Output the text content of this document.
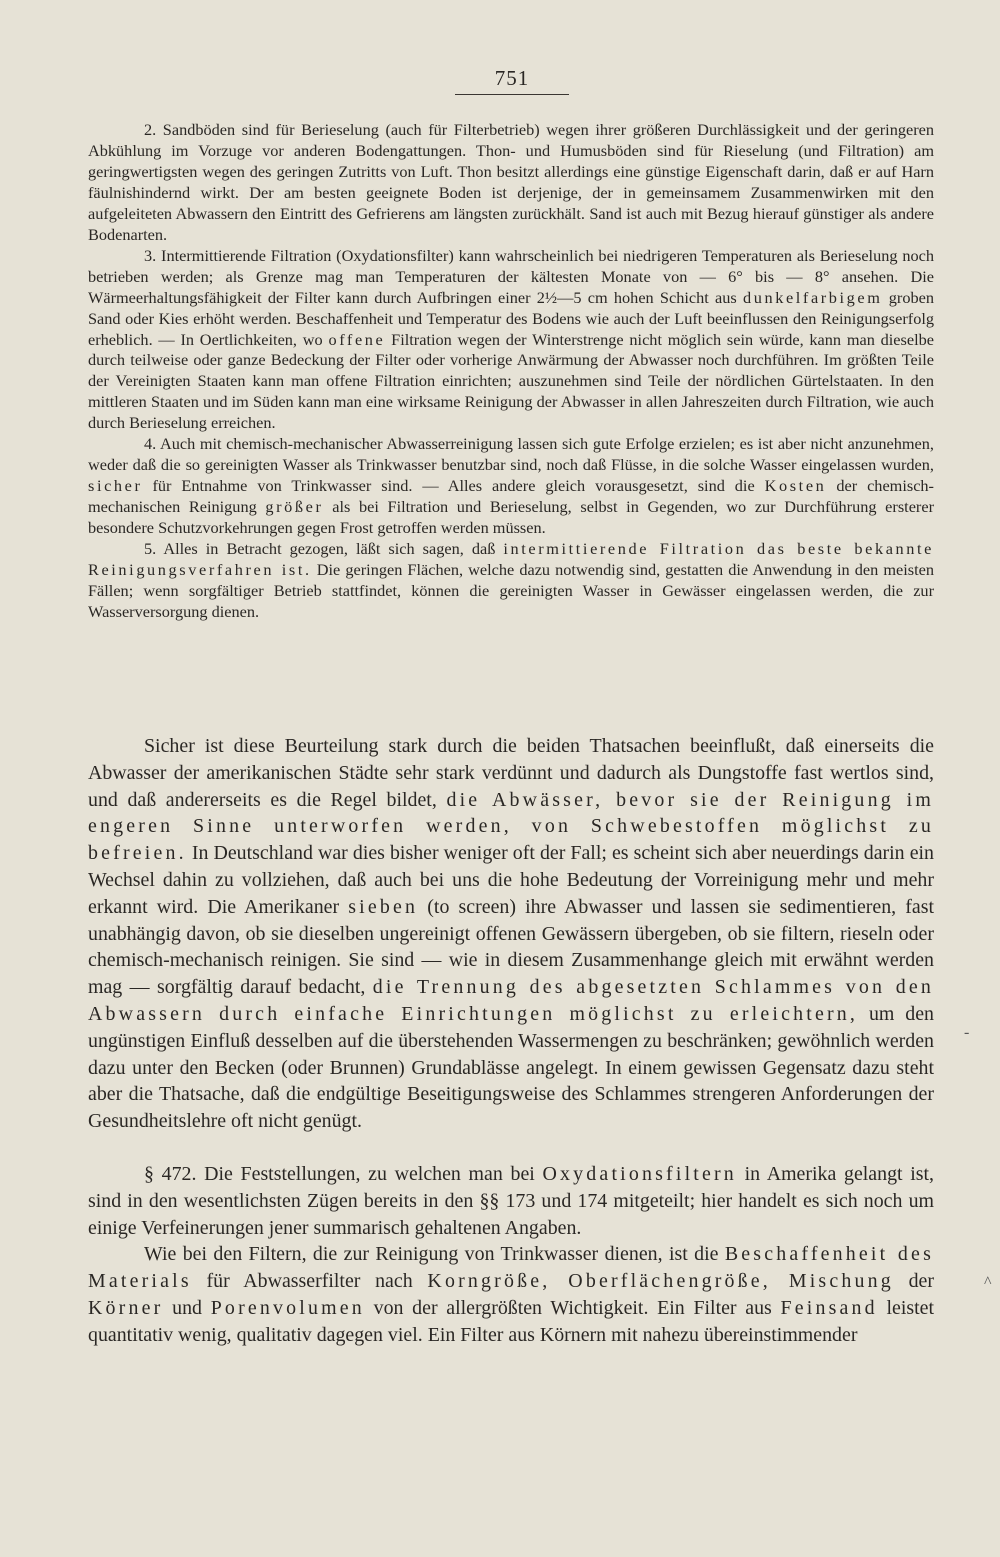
751

2. Sandböden sind für Berieselung (auch für Filterbetrieb) wegen ihrer größeren Durchlässigkeit und der geringeren Abkühlung im Vorzuge vor anderen Bodengattungen. Thon- und Humusböden sind für Rieselung (und Filtration) am geringwertigsten wegen des geringen Zutritts von Luft. Thon besitzt allerdings eine günstige Eigenschaft darin, daß er auf Harn fäulnishindernd wirkt. Der am besten geeignete Boden ist derjenige, der in gemeinsamem Zusammenwirken mit den aufgeleiteten Abwassern den Eintritt des Gefrierens am längsten zurückhält. Sand ist auch mit Bezug hierauf günstiger als andere Bodenarten.

3. Intermittierende Filtration (Oxydationsfilter) kann wahrscheinlich bei niedrigeren Temperaturen als Berieselung noch betrieben werden; als Grenze mag man Temperaturen der kältesten Monate von — 6° bis — 8° ansehen. Die Wärmeerhaltungsfähigkeit der Filter kann durch Aufbringen einer 2½—5 cm hohen Schicht aus dunkelfarbigem groben Sand oder Kies erhöht werden. Beschaffenheit und Temperatur des Bodens wie auch der Luft beeinflussen den Reinigungserfolg erheblich. — In Oertlichkeiten, wo offene Filtration wegen der Winterstrenge nicht möglich sein würde, kann man dieselbe durch teilweise oder ganze Bedeckung der Filter oder vorherige Anwärmung der Abwasser noch durchführen. Im größten Teile der Vereinigten Staaten kann man offene Filtration einrichten; auszunehmen sind Teile der nördlichen Gürtelstaaten. In den mittleren Staaten und im Süden kann man eine wirksame Reinigung der Abwasser in allen Jahreszeiten durch Filtration, wie auch durch Berieselung erreichen.

4. Auch mit chemisch-mechanischer Abwasserreinigung lassen sich gute Erfolge erzielen; es ist aber nicht anzunehmen, weder daß die so gereinigten Wasser als Trinkwasser benutzbar sind, noch daß Flüsse, in die solche Wasser eingelassen wurden, sicher für Entnahme von Trinkwasser sind. — Alles andere gleich vorausgesetzt, sind die Kosten der chemisch-mechanischen Reinigung größer als bei Filtration und Berieselung, selbst in Gegenden, wo zur Durchführung ersterer besondere Schutzvorkehrungen gegen Frost getroffen werden müssen.

5. Alles in Betracht gezogen, läßt sich sagen, daß intermittierende Filtration das beste bekannte Reinigungsverfahren ist. Die geringen Flächen, welche dazu notwendig sind, gestatten die Anwendung in den meisten Fällen; wenn sorgfältiger Betrieb stattfindet, können die gereinigten Wasser in Gewässer eingelassen werden, die zur Wasserversorgung dienen.

Sicher ist diese Beurteilung stark durch die beiden Thatsachen beeinflußt, daß einerseits die Abwasser der amerikanischen Städte sehr stark verdünnt und dadurch als Dungstoffe fast wertlos sind, und daß andererseits es die Regel bildet, die Abwässer, bevor sie der Reinigung im engeren Sinne unterworfen werden, von Schwebestoffen möglichst zu befreien. In Deutschland war dies bisher weniger oft der Fall; es scheint sich aber neuerdings darin ein Wechsel dahin zu vollziehen, daß auch bei uns die hohe Bedeutung der Vorreinigung mehr und mehr erkannt wird. Die Amerikaner sieben (to screen) ihre Abwasser und lassen sie sedimentieren, fast unabhängig davon, ob sie dieselben ungereinigt offenen Gewässern übergeben, ob sie filtern, rieseln oder chemisch-mechanisch reinigen. Sie sind — wie in diesem Zusammenhange gleich mit erwähnt werden mag — sorgfältig darauf bedacht, die Trennung des abgesetzten Schlammes von den Abwassern durch einfache Einrichtungen möglichst zu erleichtern, um den ungünstigen Einfluß desselben auf die überstehenden Wassermengen zu beschränken; gewöhnlich werden dazu unter den Becken (oder Brunnen) Grundablässe angelegt. In einem gewissen Gegensatz dazu steht aber die Thatsache, daß die endgültige Beseitigungsweise des Schlammes strengeren Anforderungen der Gesundheitslehre oft nicht genügt.

§ 472. Die Feststellungen, zu welchen man bei Oxydationsfiltern in Amerika gelangt ist, sind in den wesentlichsten Zügen bereits in den §§ 173 und 174 mitgeteilt; hier handelt es sich noch um einige Verfeinerungen jener summarisch gehaltenen Angaben.

Wie bei den Filtern, die zur Reinigung von Trinkwasser dienen, ist die Beschaffenheit des Materials für Abwasserfilter nach Korngröße, Oberflächengröße, Mischung der Körner und Porenvolumen von der allergrößten Wichtigkeit. Ein Filter aus Feinsand leistet quantitativ wenig, qualitativ dagegen viel. Ein Filter aus Körnern mit nahezu übereinstimmender

-
^
